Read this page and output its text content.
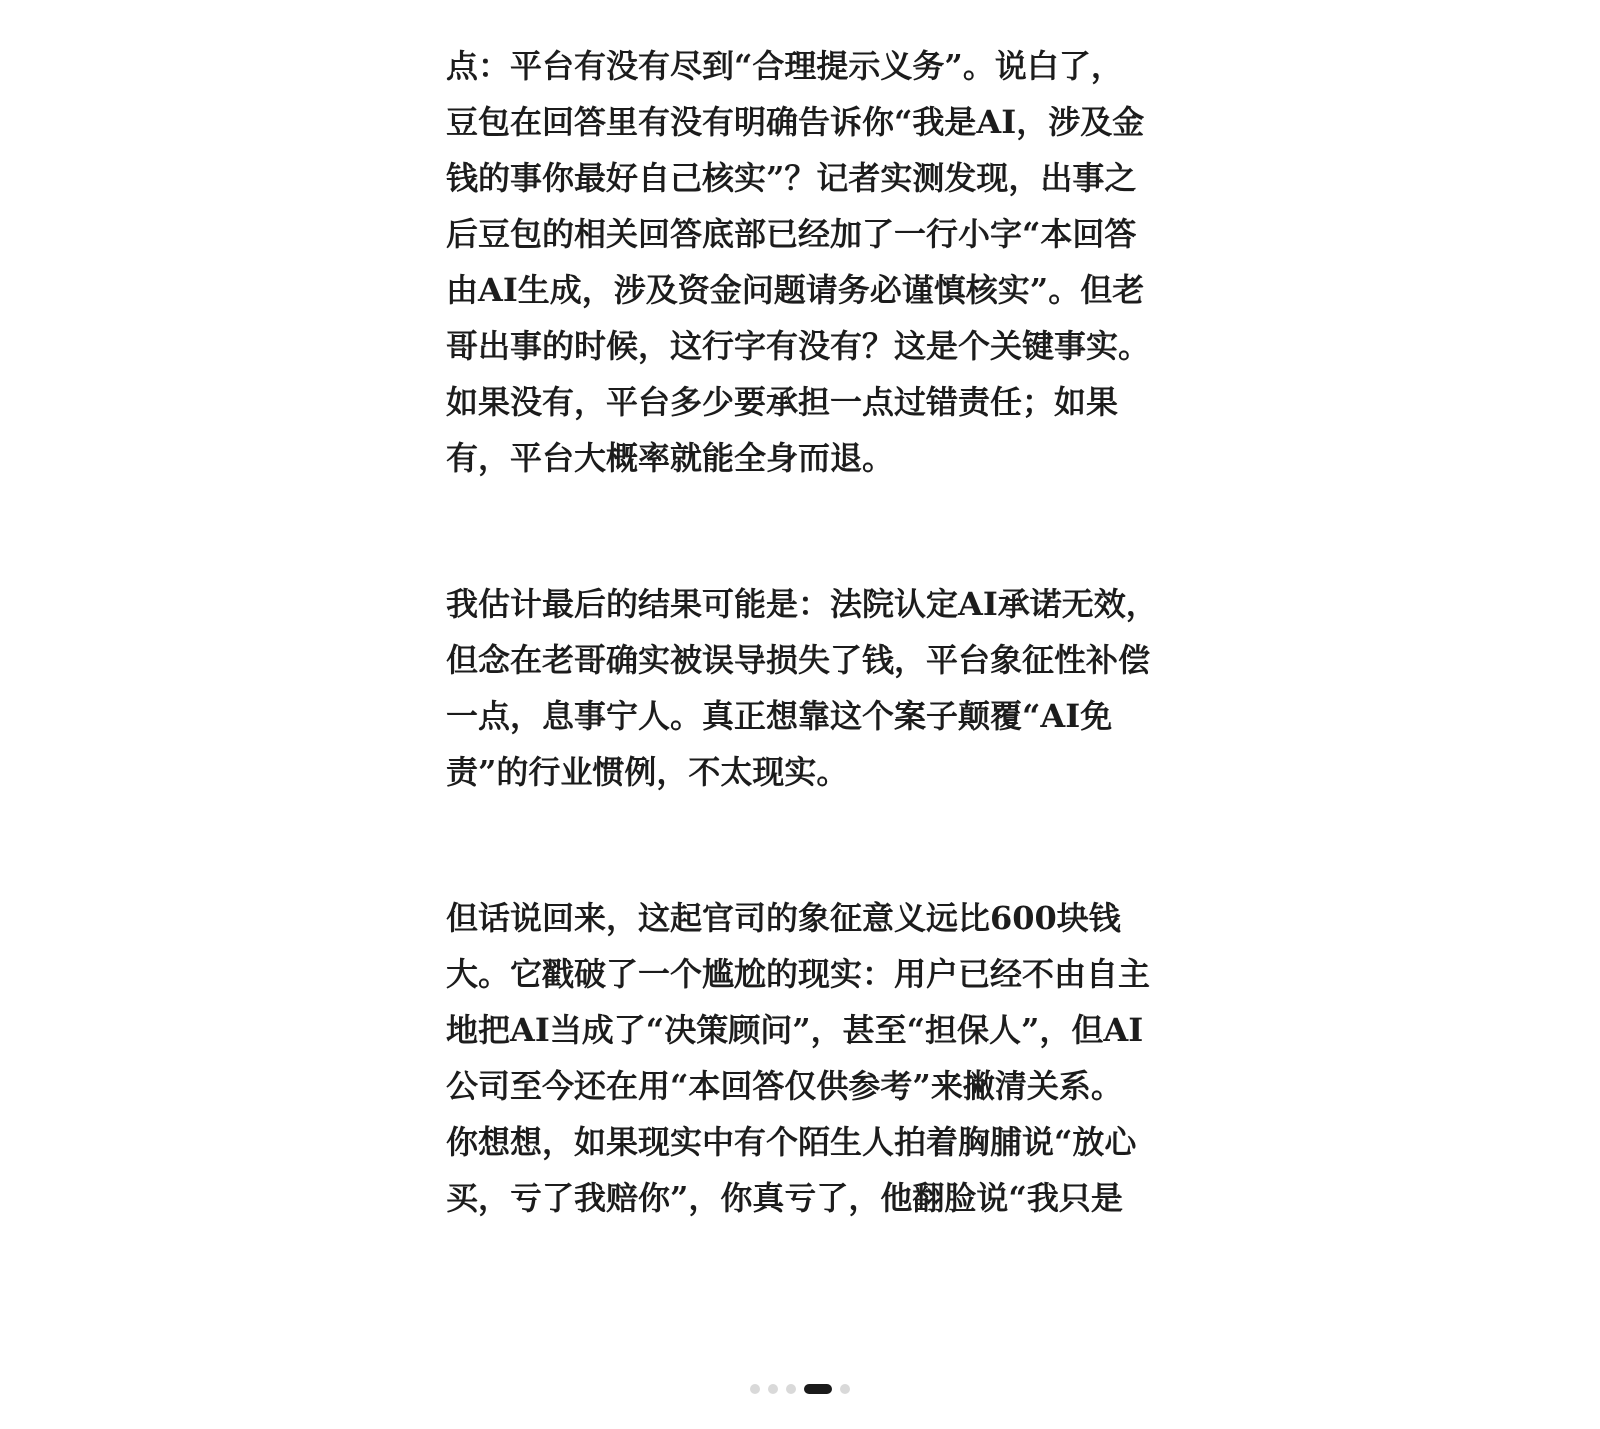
点：平台有没有尽到“合理提示义务”。说白了，
豆包在回答里有没有明确告诉你“我是AI，涉及金
钱的事你最好自己核实”？记者实测发现，出事之
后豆包的相关回答底部已经加了一行小字“本回答
由AI生成，涉及资金问题请务必谨慎核实”。但老
哥出事的时候，这行字有没有？这是个关键事实。
如果没有，平台多少要承担一点过错责任；如果
有，平台大概率就能全身而退。

我估计最后的结果可能是：法院认定AI承诺无效，
但念在老哥确实被误导损失了钱，平台象征性补偿
一点，息事宁人。真正想靠这个案子颠覆“AI免
责”的行业惯例，不太现实。

但话说回来，这起官司的象征意义远比600块钱
大。它戳破了一个尴尬的现实：用户已经不由自主
地把AI当成了“决策顾问”，甚至“担保人”，但AI
公司至今还在用“本回答仅供参考”来撇清关系。
你想想，如果现实中有个陌生人拍着胸脯说“放心
买，亏了我赔你”，你真亏了，他翻脸说“我只是
